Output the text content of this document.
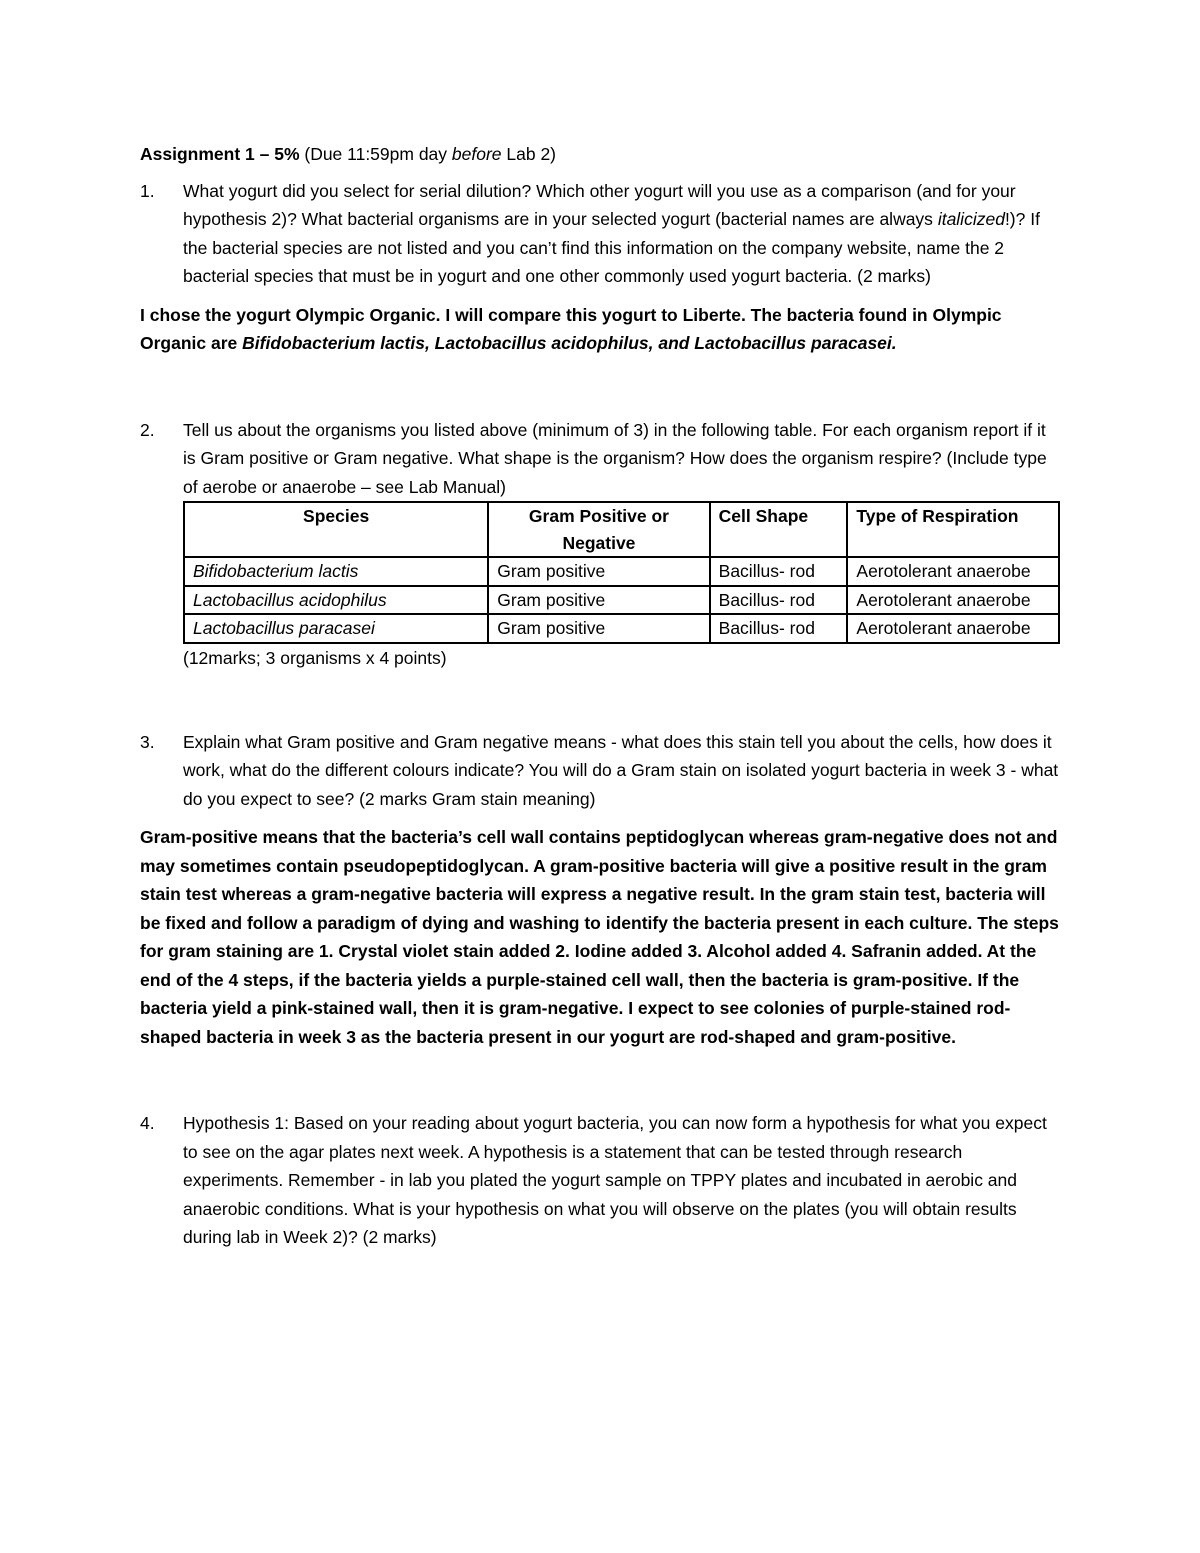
Assignment 1 – 5% (Due 11:59pm day before Lab 2)

1.	What yogurt did you select for serial dilution? Which other yogurt will you use as a comparison (and for your hypothesis 2)? What bacterial organisms are in your selected yogurt (bacterial names are always italicized!)? If the bacterial species are not listed and you can’t find this information on the company website, name the 2 bacterial species that must be in yogurt and one other commonly used yogurt bacteria. (2 marks)

I chose the yogurt Olympic Organic. I will compare this yogurt to Liberte. The bacteria found in Olympic Organic are Bifidobacterium lactis, Lactobacillus acidophilus, and Lactobacillus paracasei.

2.	Tell us about the organisms you listed above (minimum of 3) in the following table. For each organism report if it is Gram positive or Gram negative. What shape is the organism? How does the organism respire? (Include type of aerobe or anaerobe – see Lab Manual)
Species	Gram Positive or Negative	Cell Shape	Type of Respiration
Bifidobacterium lactis	Gram positive	Bacillus- rod	Aerotolerant anaerobe
Lactobacillus acidophilus	Gram positive	Bacillus- rod	Aerotolerant anaerobe
Lactobacillus paracasei	Gram positive	Bacillus- rod	Aerotolerant anaerobe
(12marks; 3 organisms x 4 points)
3.	Explain what Gram positive and Gram negative means - what does this stain tell you about the cells, how does it work, what do the different colours indicate? You will do a Gram stain on isolated yogurt bacteria in week 3 - what do you expect to see? (2 marks Gram stain meaning)

Gram-positive means that the bacteria’s cell wall contains peptidoglycan whereas gram-negative does not and may sometimes contain pseudopeptidoglycan. A gram-positive bacteria will give a positive result in the gram stain test whereas a gram-negative bacteria will express a negative result. In the gram stain test, bacteria will be fixed and follow a paradigm of dying and washing to identify the bacteria present in each culture. The steps for gram staining are 1. Crystal violet stain added 2. Iodine added 3. Alcohol added 4. Safranin added. At the end of the 4 steps, if the bacteria yields a purple-stained cell wall, then the bacteria is gram-positive. If the bacteria yield a pink-stained wall, then it is gram-negative. I expect to see colonies of purple-stained rod-shaped bacteria in week 3 as the bacteria present in our yogurt are rod-shaped and gram-positive.

4.	Hypothesis 1: Based on your reading about yogurt bacteria, you can now form a hypothesis for what you expect to see on the agar plates next week. A hypothesis is a statement that can be tested through research experiments. Remember - in lab you plated the yogurt sample on TPPY plates and incubated in aerobic and anaerobic conditions. What is your hypothesis on what you will observe on the plates (you will obtain results during lab in Week 2)? (2 marks)
